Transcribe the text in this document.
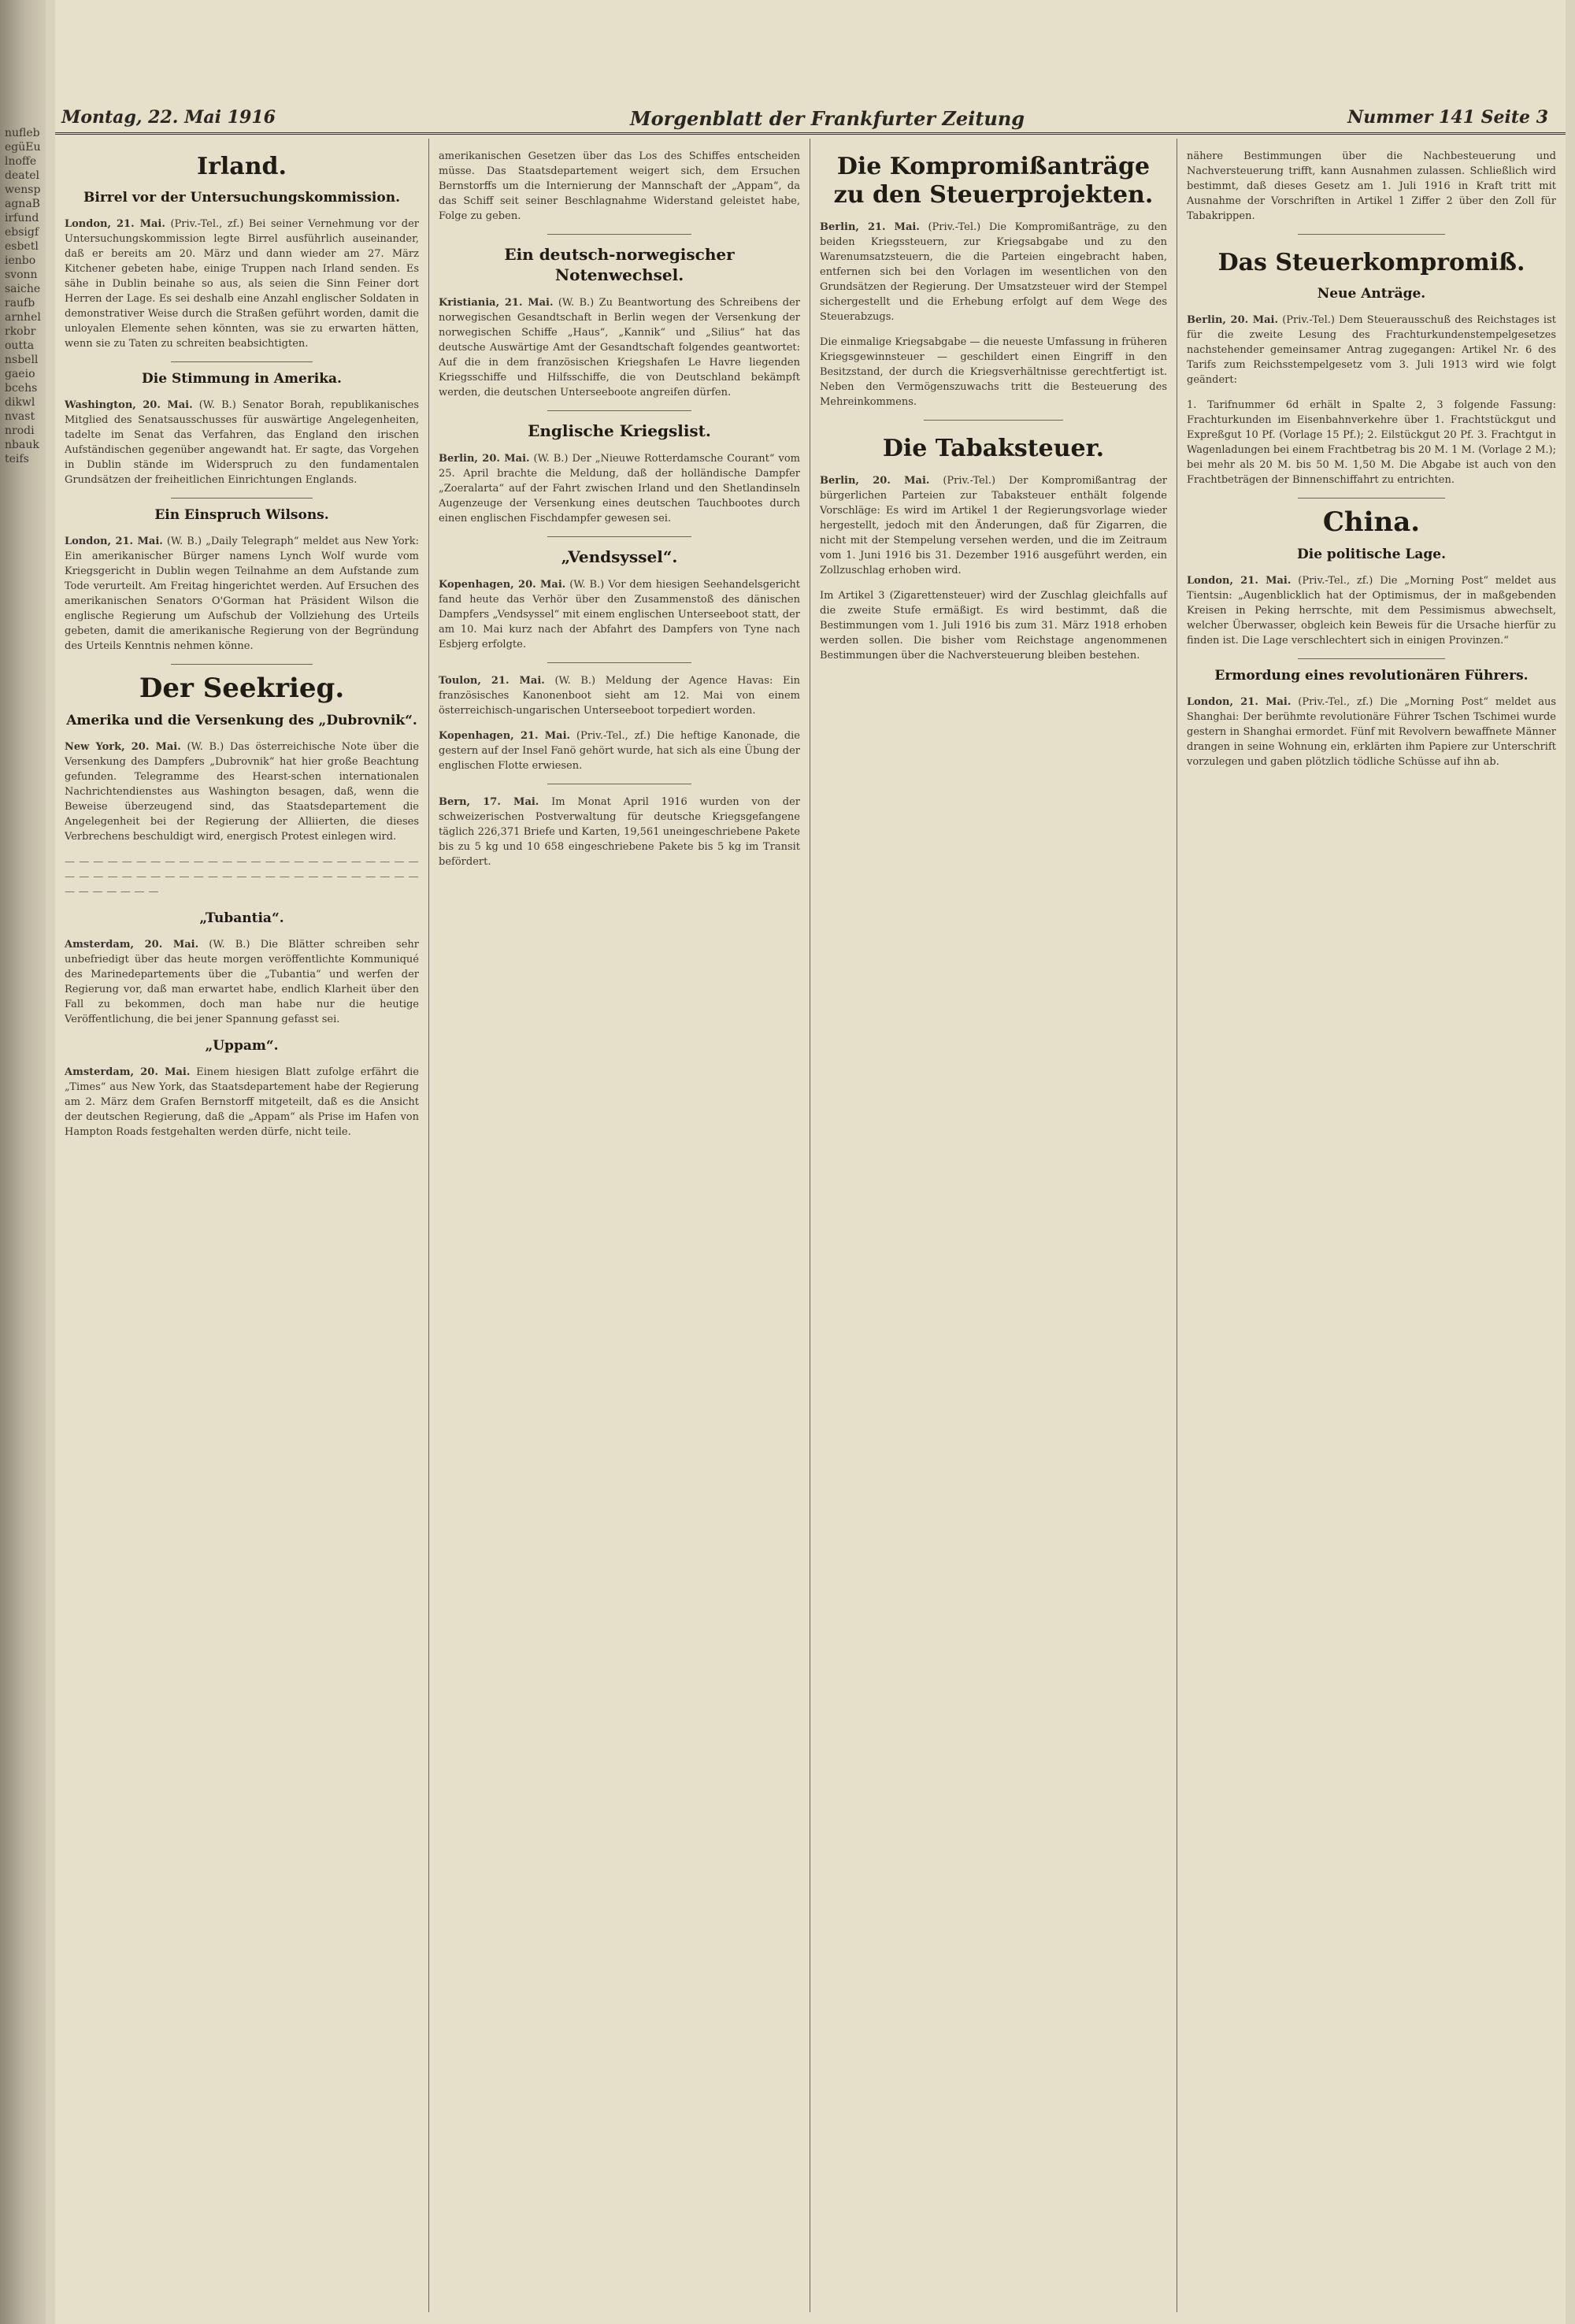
nuflebegüEulnoffedeatelwenspagnaBirfundebsigfesbetlienbosvonnsaicheraufbarnhelrkobrouttansbellgaeiobcehsdikwlnvastnrodinbaukteifs
Montag, 22. Mai 1916	Morgenblatt der Frankfurter Zeitung	Nummer 141 Seite 3
Irland.
Birrel vor der Untersuchungskommission.

London, 21. Mai. (Priv.-Tel., zf.) Bei seiner Vernehmung vor der Untersuchungskommission legte Birrel ausführlich auseinander, daß er bereits am 20. März und dann wieder am 27. März Kitchener gebeten habe, einige Truppen nach Irland senden. Es sähe in Dublin beinahe so aus, als seien die Sinn Feiner dort Herren der Lage. Es sei deshalb eine Anzahl englischer Soldaten in demonstrativer Weise durch die Straßen geführt worden, damit die unloyalen Elemente sehen könnten, was sie zu erwarten hätten, wenn sie zu Taten zu schreiten beabsichtigten.

Die Stimmung in Amerika.

Washington, 20. Mai. (W. B.) Senator Borah, republikanisches Mitglied des Senatsausschusses für auswärtige Angelegenheiten, tadelte im Senat das Verfahren, das England den irischen Aufständischen gegenüber angewandt hat. Er sagte, das Vorgehen in Dublin stände im Widerspruch zu den fundamentalen Grundsätzen der freiheitlichen Einrichtungen Englands.

Ein Einspruch Wilsons.

London, 21. Mai. (W. B.) „Daily Telegraph“ meldet aus New York: Ein amerikanischer Bürger namens Lynch Wolf wurde vom Kriegsgericht in Dublin wegen Teilnahme an dem Aufstande zum Tode verurteilt. Am Freitag hingerichtet werden. Auf Ersuchen des amerikanischen Senators O'Gorman hat Präsident Wilson die englische Regierung um Aufschub der Vollziehung des Urteils gebeten, damit die amerikanische Regierung von der Begründung des Urteils Kenntnis nehmen könne.

Der Seekrieg.
Amerika und die Versenkung des „Dubrovnik“.

New York, 20. Mai. (W. B.) Das österreichische Note über die Versenkung des Dampfers „Dubrovnik“ hat hier große Beachtung gefunden. Telegramme des Hearst-schen internationalen Nachrichtendienstes aus Washington besagen, daß, wenn die Beweise überzeugend sind, das Staatsdepartement die Angelegenheit bei der Regierung der Alliierten, die dieses Verbrechens beschuldigt wird, energisch Protest einlegen wird.

— — — — — — — — — — — — — — — — — — — — — — — — — — — — — — — — — — — — — — — — — — — — — — — — — — — — — — — — —

„Tubantia“.

Amsterdam, 20. Mai. (W. B.) Die Blätter schreiben sehr unbefriedigt über das heute morgen veröffentlichte Kommuniqué des Marinedepartements über die „Tubantia“ und werfen der Regierung vor, daß man erwartet habe, endlich Klarheit über den Fall zu bekommen, doch man habe nur die heutige Veröffentlichung, die bei jener Spannung gefasst sei.

„Uppam“.

Amsterdam, 20. Mai. Einem hiesigen Blatt zufolge erfährt die „Times“ aus New York, das Staatsdepartement habe der Regierung am 2. März dem Grafen Bernstorff mitgeteilt, daß es die Ansicht der deutschen Regierung, daß die „Appam“ als Prise im Hafen von Hampton Roads festgehalten werden dürfe, nicht teile.

amerikanischen Gesetzen über das Los des Schiffes entscheiden müsse. Das Staatsdepartement weigert sich, dem Ersuchen Bernstorffs um die Internierung der Mannschaft der „Appam“, da das Schiff seit seiner Beschlagnahme Widerstand geleistet habe, Folge zu geben.

Ein deutsch-norwegischer Notenwechsel.

Kristiania, 21. Mai. (W. B.) Zu Beantwortung des Schreibens der norwegischen Gesandtschaft in Berlin wegen der Versenkung der norwegischen Schiffe „Haus“, „Kannik“ und „Silius“ hat das deutsche Auswärtige Amt der Gesandtschaft folgendes geantwortet: Auf die in dem französischen Kriegshafen Le Havre liegenden Kriegsschiffe und Hilfsschiffe, die von Deutschland bekämpft werden, die deutschen Unterseeboote angreifen dürfen.

Englische Kriegslist.

Berlin, 20. Mai. (W. B.) Der „Nieuwe Rotterdamsche Courant“ vom 25. April brachte die Meldung, daß der holländische Dampfer „Zoeralarta“ auf der Fahrt zwischen Irland und den Shetlandinseln Augenzeuge der Versenkung eines deutschen Tauchbootes durch einen englischen Fischdampfer gewesen sei.

„Vendsyssel“.

Kopenhagen, 20. Mai. (W. B.) Vor dem hiesigen Seehandelsgericht fand heute das Verhör über den Zusammenstoß des dänischen Dampfers „Vendsyssel“ mit einem englischen Unterseeboot statt, der am 10. Mai kurz nach der Abfahrt des Dampfers von Tyne nach Esbjerg erfolgte.

Toulon, 21. Mai. (W. B.) Meldung der Agence Havas: Ein französisches Kanonenboot sieht am 12. Mai von einem österreichisch-ungarischen Unterseeboot torpediert worden.

Kopenhagen, 21. Mai. (Priv.-Tel., zf.) Die heftige Kanonade, die gestern auf der Insel Fanö gehört wurde, hat sich als eine Übung der englischen Flotte erwiesen.

Bern, 17. Mai. Im Monat April 1916 wurden von der schweizerischen Postverwaltung für deutsche Kriegsgefangene täglich 226,371 Briefe und Karten, 19,561 uneingeschriebene Pakete bis zu 5 kg und 10 658 eingeschriebene Pakete bis 5 kg im Transit befördert.

Die Kompromißanträge zu den Steuerprojekten.

Berlin, 21. Mai. (Priv.-Tel.) Die Kompromißanträge, zu den beiden Kriegssteuern, zur Kriegsabgabe und zu den Warenumsatzsteuern, die die Parteien eingebracht haben, entfernen sich bei den Vorlagen im wesentlichen von den Grundsätzen der Regierung. Der Umsatzsteuer wird der Stempel sichergestellt und die Erhebung erfolgt auf dem Wege des Steuerabzugs.

Die einmalige Kriegsabgabe — die neueste Umfassung in früheren Kriegsgewinnsteuer — geschildert einen Eingriff in den Besitzstand, der durch die Kriegsverhältnisse gerechtfertigt ist. Neben den Vermögenszuwachs tritt die Besteuerung des Mehreinkommens.

Die Tabaksteuer.

Berlin, 20. Mai. (Priv.-Tel.) Der Kompromißantrag der bürgerlichen Parteien zur Tabaksteuer enthält folgende Vorschläge: Es wird im Artikel 1 der Regierungsvorlage wieder hergestellt, jedoch mit den Änderungen, daß für Zigarren, die nicht mit der Stempelung versehen werden, und die im Zeitraum vom 1. Juni 1916 bis 31. Dezember 1916 ausgeführt werden, ein Zollzuschlag erhoben wird.

Im Artikel 3 (Zigarettensteuer) wird der Zuschlag gleichfalls auf die zweite Stufe ermäßigt. Es wird bestimmt, daß die Bestimmungen vom 1. Juli 1916 bis zum 31. März 1918 erhoben werden sollen. Die bisher vom Reichstage angenommenen Bestimmungen über die Nachversteuerung bleiben bestehen.

nähere Bestimmungen über die Nachbesteuerung und Nachversteuerung trifft, kann Ausnahmen zulassen. Schließlich wird bestimmt, daß dieses Gesetz am 1. Juli 1916 in Kraft tritt mit Ausnahme der Vorschriften in Artikel 1 Ziffer 2 über den Zoll für Tabakrippen.

Das Steuerkompromiß.
Neue Anträge.

Berlin, 20. Mai. (Priv.-Tel.) Dem Steuerausschuß des Reichstages ist für die zweite Lesung des Frachturkundenstempelgesetzes nachstehender gemeinsamer Antrag zugegangen: Artikel Nr. 6 des Tarifs zum Reichsstempelgesetz vom 3. Juli 1913 wird wie folgt geändert:

1. Tarifnummer 6d erhält in Spalte 2, 3 folgende Fassung: Frachturkunden im Eisenbahnverkehre über 1. Frachtstückgut und Expreßgut 10 Pf. (Vorlage 15 Pf.); 2. Eilstückgut 20 Pf. 3. Frachtgut in Wagenladungen bei einem Frachtbetrag bis 20 M. 1 M. (Vorlage 2 M.); bei mehr als 20 M. bis 50 M. 1,50 M. Die Abgabe ist auch von den Frachtbeträgen der Binnenschiffahrt zu entrichten.

China.
Die politische Lage.

London, 21. Mai. (Priv.-Tel., zf.) Die „Morning Post“ meldet aus Tientsin: „Augenblicklich hat der Optimismus, der in maßgebenden Kreisen in Peking herrschte, mit dem Pessimismus abwechselt, welcher Überwasser, obgleich kein Beweis für die Ursache hierfür zu finden ist. Die Lage verschlechtert sich in einigen Provinzen.“

Ermordung eines revolutionären Führers.

London, 21. Mai. (Priv.-Tel., zf.) Die „Morning Post“ meldet aus Shanghai: Der berühmte revolutionäre Führer Tschen Tschimei wurde gestern in Shanghai ermordet. Fünf mit Revolvern bewaffnete Männer drangen in seine Wohnung ein, erklärten ihm Papiere zur Unterschrift vorzulegen und gaben plötzlich tödliche Schüsse auf ihn ab.
